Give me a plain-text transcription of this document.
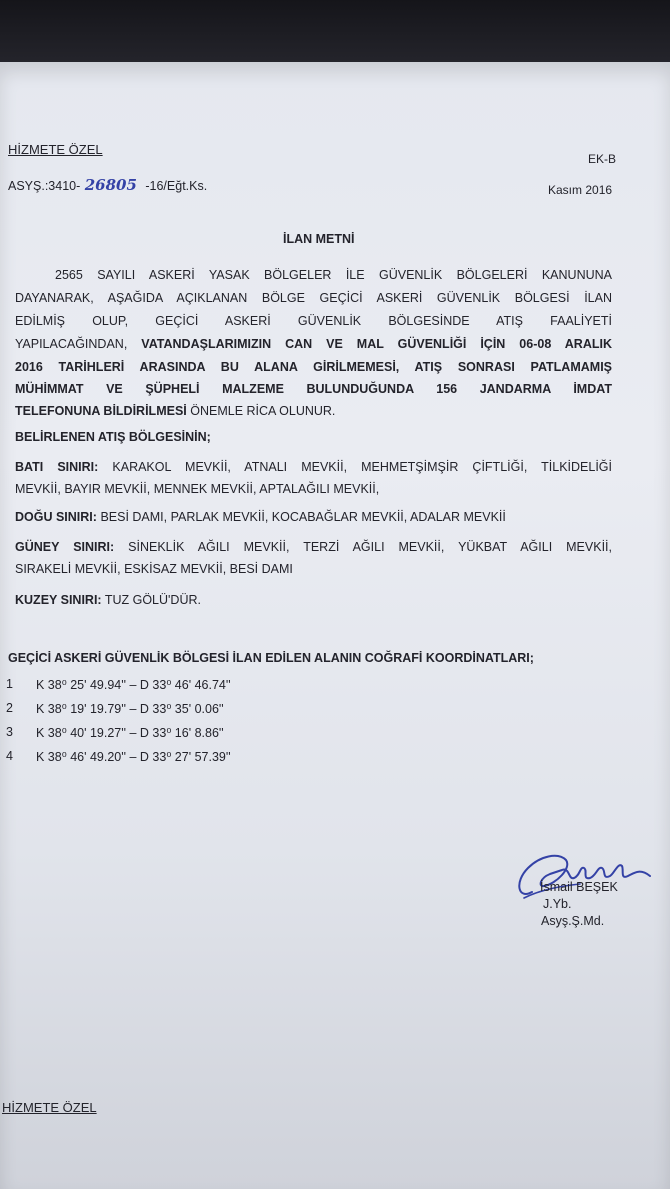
HİZMETE ÖZEL
EK-B
ASYŞ.:3410- 26805 -16/Eğt.Ks.	Kasım 2016
İLAN METNİ
2565 SAYILI ASKERİ YASAK BÖLGELER İLE GÜVENLİK BÖLGELERİ KANUNUNA
DAYANARAK, AŞAĞIDA AÇIKLANAN BÖLGE GEÇİCİ ASKERİ GÜVENLİK BÖLGESİ İLAN
EDİLMİŞ OLUP, GEÇİCİ ASKERİ GÜVENLİK BÖLGESİNDE ATIŞ FAALİYETİ
YAPILACAĞINDAN, VATANDAŞLARIMIZIN CAN VE MAL GÜVENLİĞİ İÇİN 06-08 ARALIK
2016 TARİHLERİ ARASINDA BU ALANA GİRİLMEMESİ, ATIŞ SONRASI PATLAMAMIŞ
MÜHİMMAT VE ŞÜPHELİ MALZEME BULUNDUĞUNDA 156 JANDARMA İMDAT
TELEFONUNA BİLDİRİLMESİ ÖNEMLE RİCA OLUNUR.
BELİRLENEN ATIŞ BÖLGESİNİN;
BATI SINIRI: KARAKOL MEVKİİ, ATNALI MEVKİİ, MEHMETŞİMŞİR ÇİFTLİĞİ, TİLKİDELİĞİ
MEVKİİ, BAYIR MEVKİİ, MENNEK MEVKİİ, APTALAĞILI MEVKİİ,
DOĞU SINIRI: BESİ DAMI, PARLAK MEVKİİ, KOCABAĞLAR MEVKİİ, ADALAR MEVKİİ
GÜNEY SINIRI: SİNEKLİK AĞILI MEVKİİ, TERZİ AĞILI MEVKİİ, YÜKBAT AĞILI MEVKİİ,
SIRAKELİ MEVKİİ, ESKİSAZ MEVKİİ, BESİ DAMI
KUZEY SINIRI: TUZ GÖLÜ'DÜR.
GEÇİCİ ASKERİ GÜVENLİK BÖLGESİ İLAN EDİLEN ALANIN COĞRAFİ KOORDİNATLARI;
1	K 38⁰ 25' 49.94'' – D 33⁰ 46' 46.74''
2	K 38⁰ 19' 19.79'' – D 33⁰ 35' 0.06''
3	K 38⁰ 40' 19.27'' – D 33⁰ 16' 8.86''
4	K 38⁰ 46' 49.20'' – D 33⁰ 27' 57.39''
İsmail BEŞEK
J.Yb.
Asyş.Ş.Md.
HİZMETE ÖZEL
